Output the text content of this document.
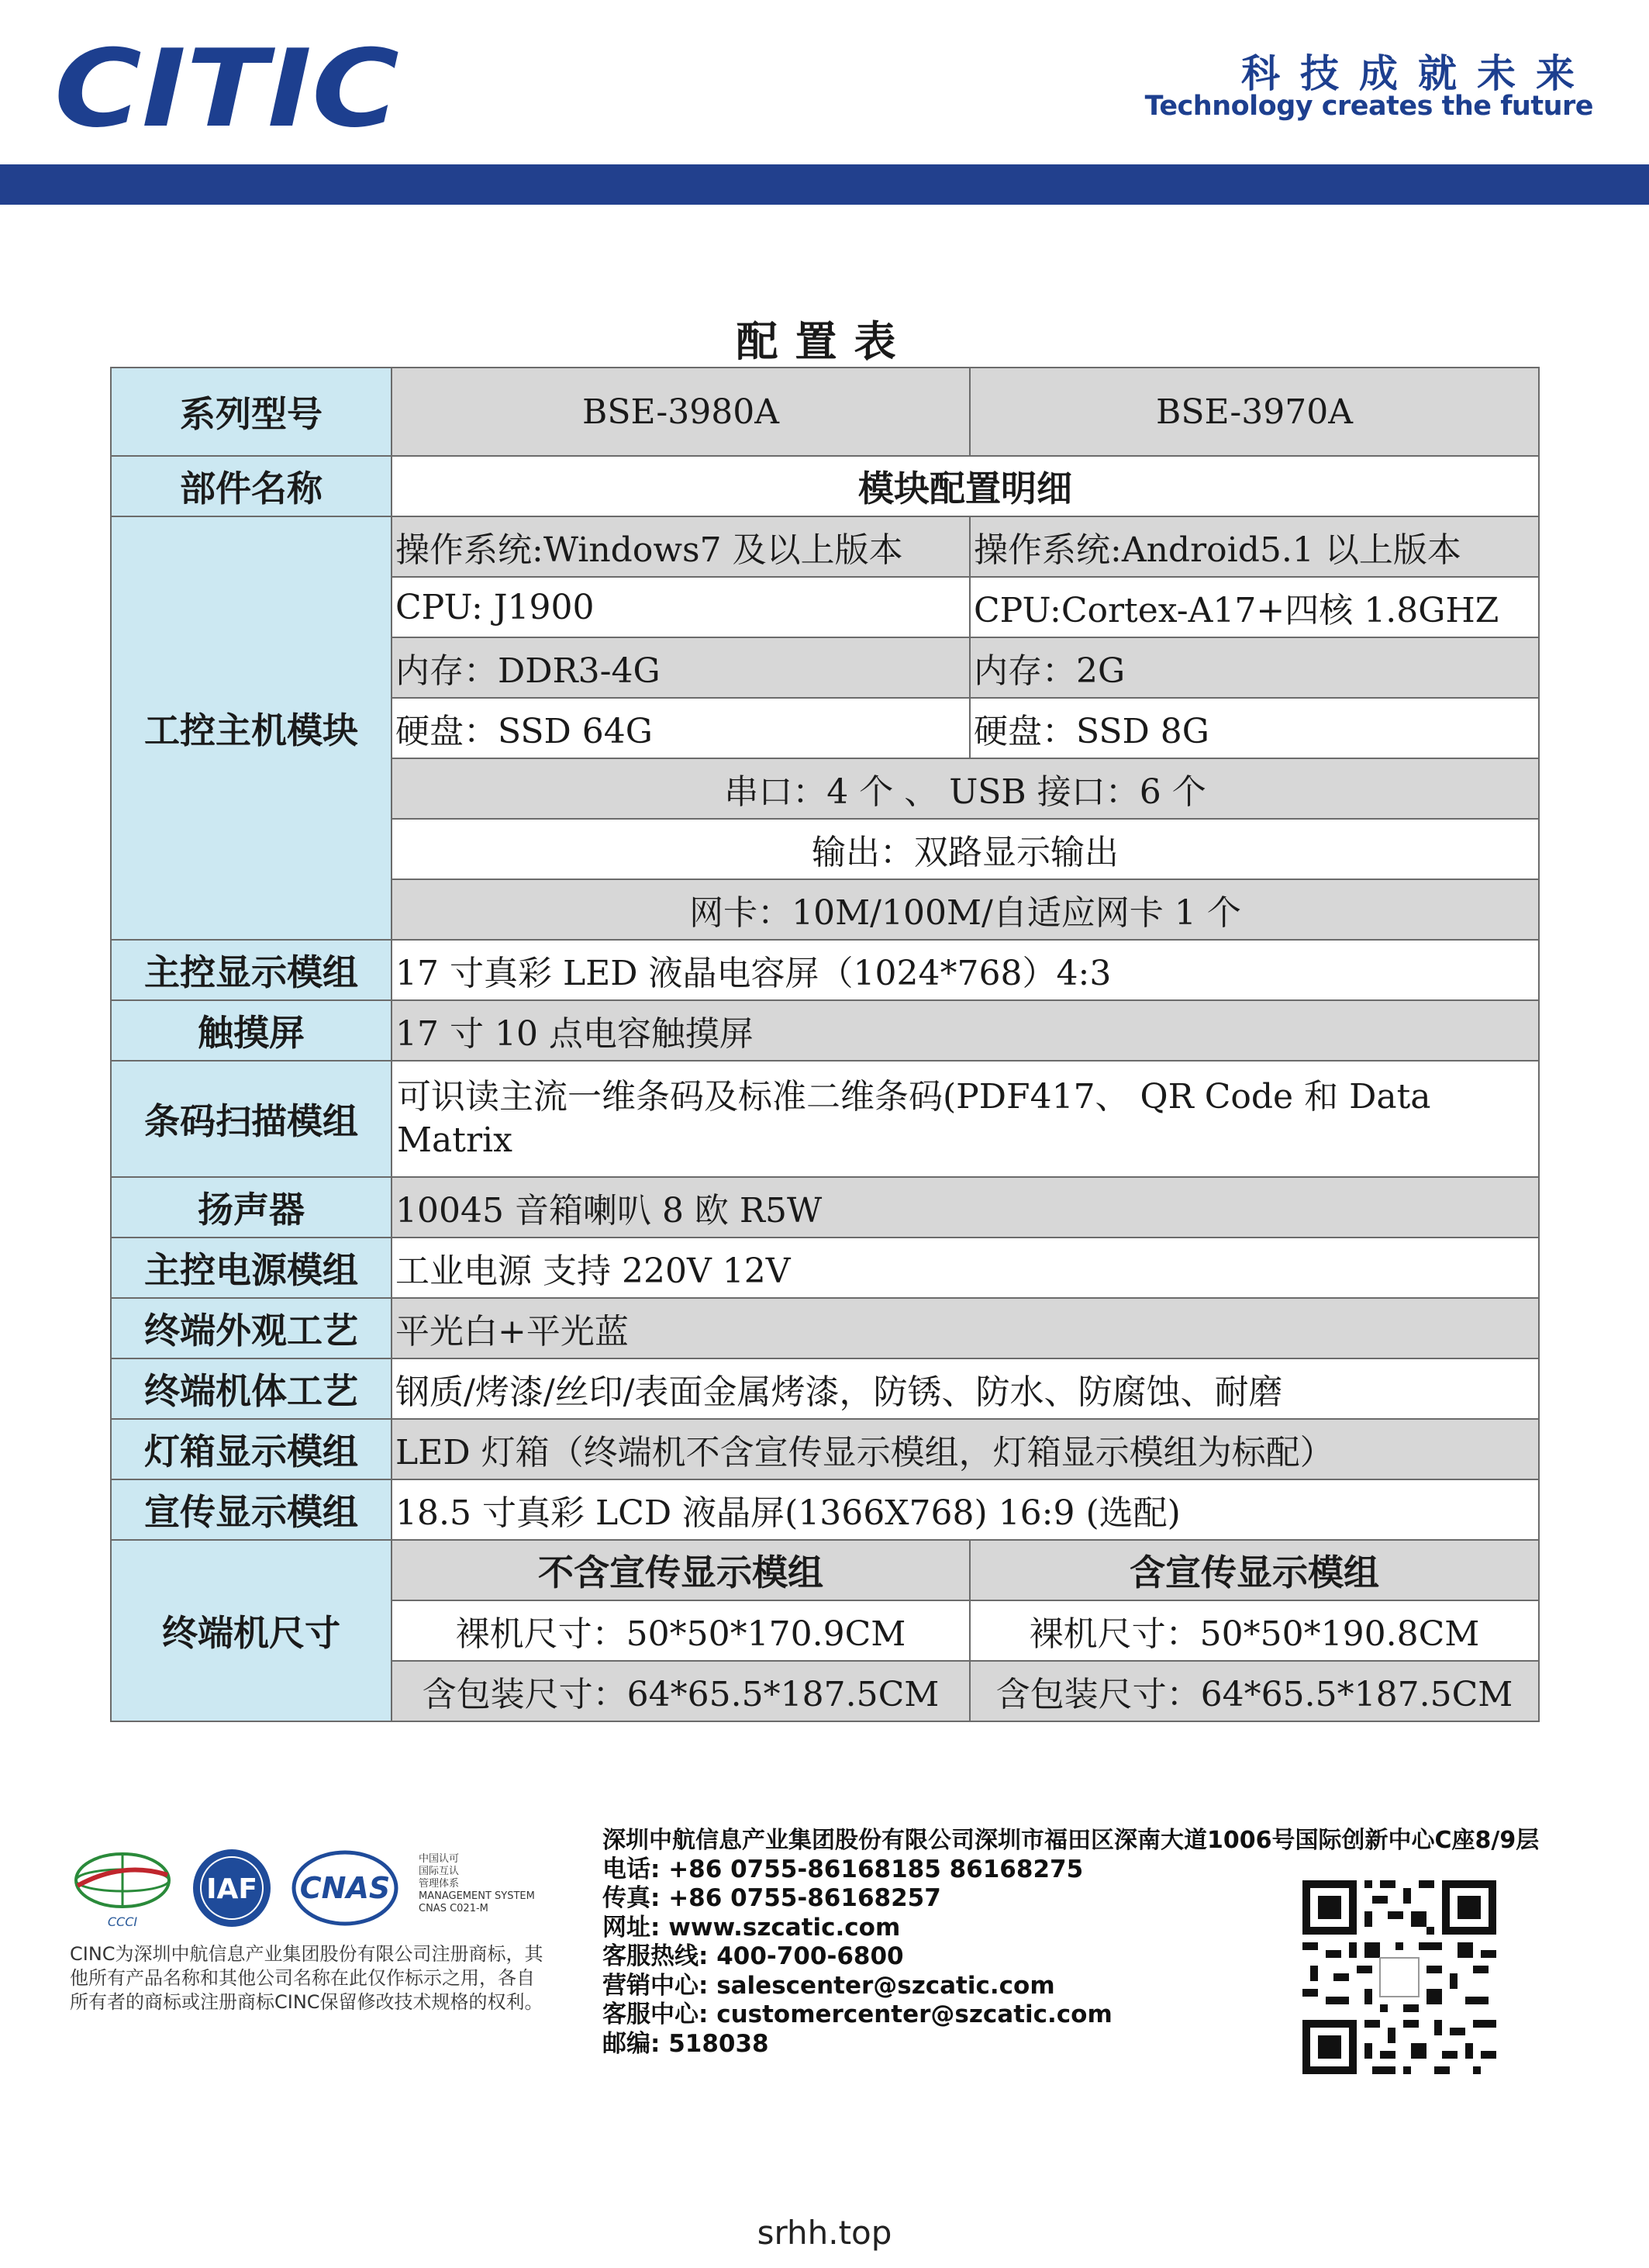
CITIC	科技成就未来
Technology creates the future
配置表
系列型号	BSE-3980A	BSE-3970A
部件名称	模块配置明细	
工控主机模块	操作系统:Windows7 及以上版本	操作系统:Android5.1 以上版本
	CPU: J1900	CPU:Cortex-A17+四核 1.8GHZ
	内存：DDR3-4G	内存：2G
	硬盘：SSD 64G	硬盘：SSD 8G
	串口：4 个 、 USB 接口：6 个	
	输出：双路显示输出	
	网卡：10M/100M/自适应网卡 1 个	
主控显示模组	17 寸真彩 LED 液晶电容屏（1024*768）4:3	
触摸屏	17 寸 10 点电容触摸屏	
条码扫描模组	可识读主流一维条码及标准二维条码(PDF417、 QR Code 和 Data Matrix	
扬声器	10045 音箱喇叭 8 欧 R5W	
主控电源模组	工业电源 支持 220V 12V	
终端外观工艺	平光白+平光蓝	
终端机体工艺	钢质/烤漆/丝印/表面金属烤漆，防锈、防水、防腐蚀、耐磨	
灯箱显示模组	LED 灯箱（终端机不含宣传显示模组，灯箱显示模组为标配）	
宣传显示模组	18.5 寸真彩 LCD 液晶屏(1366X768) 16:9 (选配)	
终端机尺寸	不含宣传显示模组	含宣传显示模组
	裸机尺寸：50*50*170.9CM	裸机尺寸：50*50*190.8CM
	含包装尺寸：64*65.5*187.5CM	含包装尺寸：64*65.5*187.5CM
CCCI
IAF CNAS
中国认可
国际互认
管理体系
MANAGEMENT SYSTEM
CNAS C021-M
CINC为深圳中航信息产业集团股份有限公司注册商标，其他所有产品名称和其他公司名称在此仅作标示之用，各自所有者的商标或注册商标CINC保留修改技术规格的权利。
深圳中航信息产业集团股份有限公司深圳市福田区深南大道1006号国际创新中心C座8/9层
电话: +86 0755-86168185 86168275
传真: +86 0755-86168257
网址: www.szcatic.com
客服热线: 400-700-6800
营销中心: salescenter@szcatic.com
客服中心: customercenter@szcatic.com
邮编: 518038
srhh.top
